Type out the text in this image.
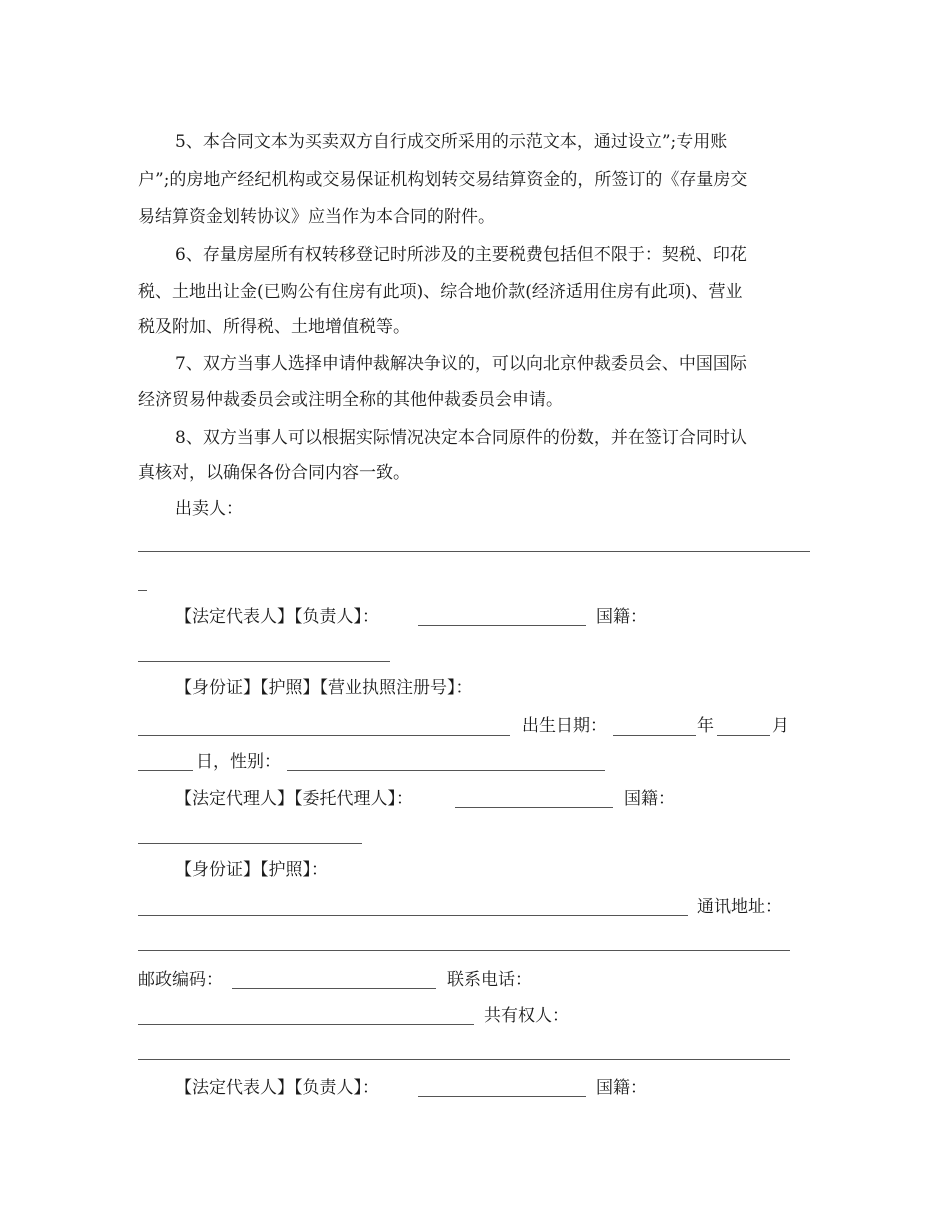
5、本合同文本为买卖双方自行成交所采用的示范文本，通过设立”;专用账
户”;的房地产经纪机构或交易保证机构划转交易结算资金的，所签订的《存量房交
易结算资金划转协议》应当作为本合同的附件。
6、存量房屋所有权转移登记时所涉及的主要税费包括但不限于：契税、印花
税、土地出让金(已购公有住房有此项)、综合地价款(经济适用住房有此项)、营业
税及附加、所得税、土地增值税等。
7、双方当事人选择申请仲裁解决争议的，可以向北京仲裁委员会、中国国际
经济贸易仲裁委员会或注明全称的其他仲裁委员会申请。
8、双方当事人可以根据实际情况决定本合同原件的份数，并在签订合同时认
真核对，以确保各份合同内容一致。
出卖人：
【法定代表人】【负责人】：	国籍：
【身份证】【护照】【营业执照注册号】：
出生日期：	年	月
日，性别：
【法定代理人】【委托代理人】：	国籍：
【身份证】【护照】：
通讯地址：
邮政编码：	联系电话：
共有权人：
【法定代表人】【负责人】：	国籍：
